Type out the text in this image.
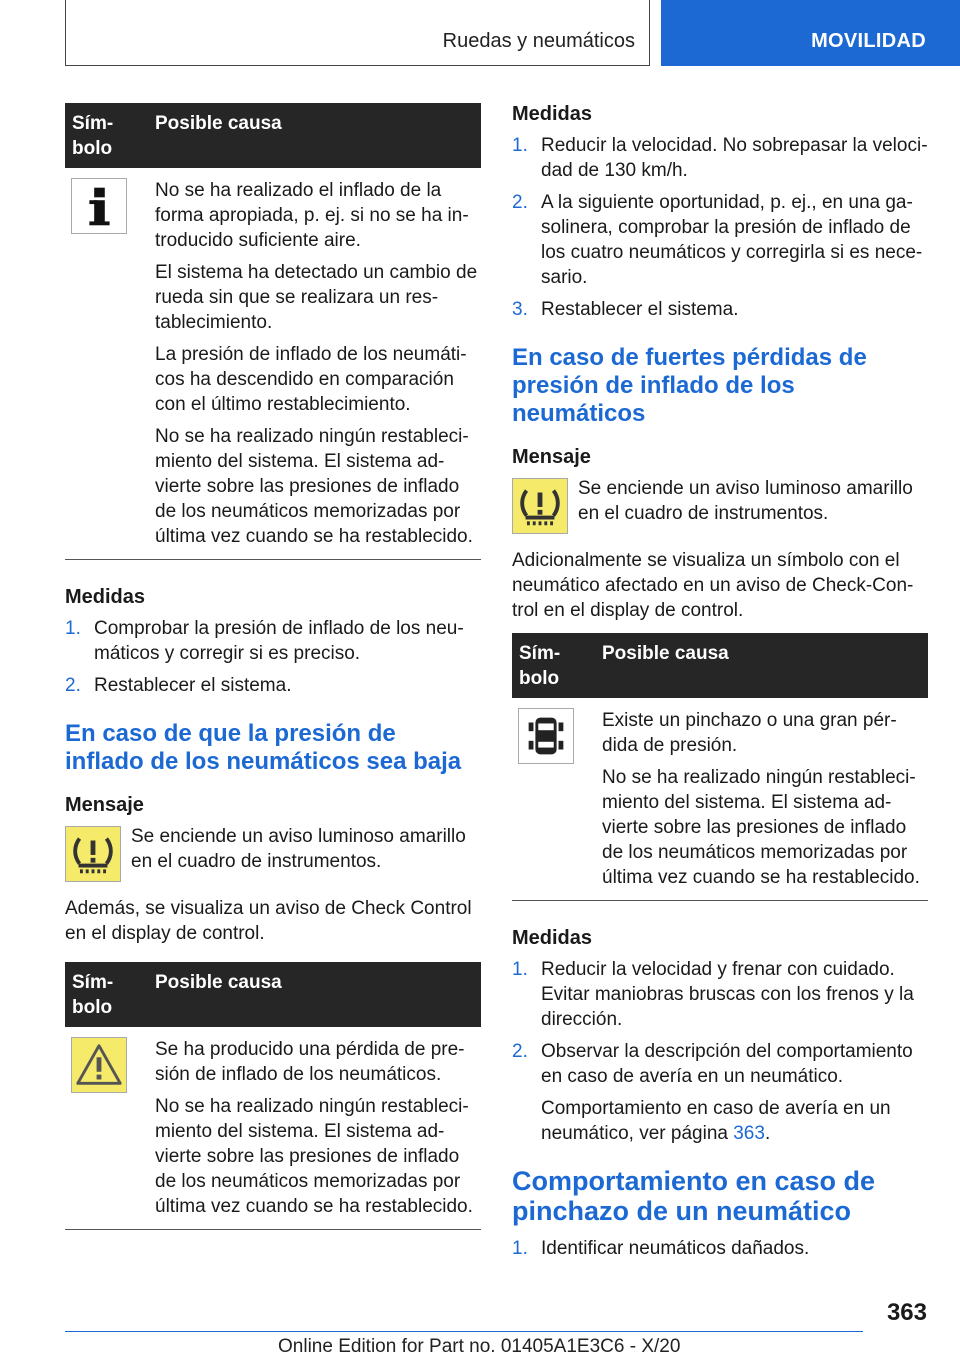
Ruedas y neumáticos	MOVILIDAD
Sím- bolo
Posible causa

No se ha realizado el inflado de la forma apropiada, p. ej. si no se ha in- troducido suficiente aire.

El sistema ha detectado un cambio de rueda sin que se realizara un res- tablecimiento.

La presión de inflado de los neumáti- cos ha descendido en comparación con el último restablecimiento.

No se ha realizado ningún restableci- miento del sistema. El sistema ad- vierte sobre las presiones de inflado de los neumáticos memorizadas por última vez cuando se ha restablecido.

Medidas
1. Comprobar la presión de inflado de los neu- máticos y corregir si es preciso.
2. Restablecer el sistema.
En caso de que la presión de inflado de los neumáticos sea baja
Mensaje
Se enciende un aviso luminoso amarillo en el cuadro de instrumentos.
Además, se visualiza un aviso de Check Control en el display de control.
Sím- bolo
Posible causa

Se ha producido una pérdida de pre- sión de inflado de los neumáticos.

No se ha realizado ningún restableci- miento del sistema. El sistema ad- vierte sobre las presiones de inflado de los neumáticos memorizadas por última vez cuando se ha restablecido.

Medidas
1. Reducir la velocidad. No sobrepasar la veloci- dad de 130 km/h.
2. A la siguiente oportunidad, p. ej., en una ga- solinera, comprobar la presión de inflado de los cuatro neumáticos y corregirla si es nece- sario.
3. Restablecer el sistema.
En caso de fuertes pérdidas de presión de inflado de los neumáticos
Mensaje
Se enciende un aviso luminoso amarillo en el cuadro de instrumentos.
Adicionalmente se visualiza un símbolo con el neumático afectado en un aviso de Check-Con- trol en el display de control.
Sím- bolo
Posible causa

Existe un pinchazo o una gran pér- dida de presión.

No se ha realizado ningún restableci- miento del sistema. El sistema ad- vierte sobre las presiones de inflado de los neumáticos memorizadas por última vez cuando se ha restablecido.

Medidas
1. Reducir la velocidad y frenar con cuidado. Evitar maniobras bruscas con los frenos y la dirección.
2. Observar la descripción del comportamiento en caso de avería en un neumático.

Comportamiento en caso de avería en un neumático, ver página 363.

Comportamiento en caso de pinchazo de un neumático
1. Identificar neumáticos dañados.
363
Online Edition for Part no. 01405A1E3C6 - X/20
